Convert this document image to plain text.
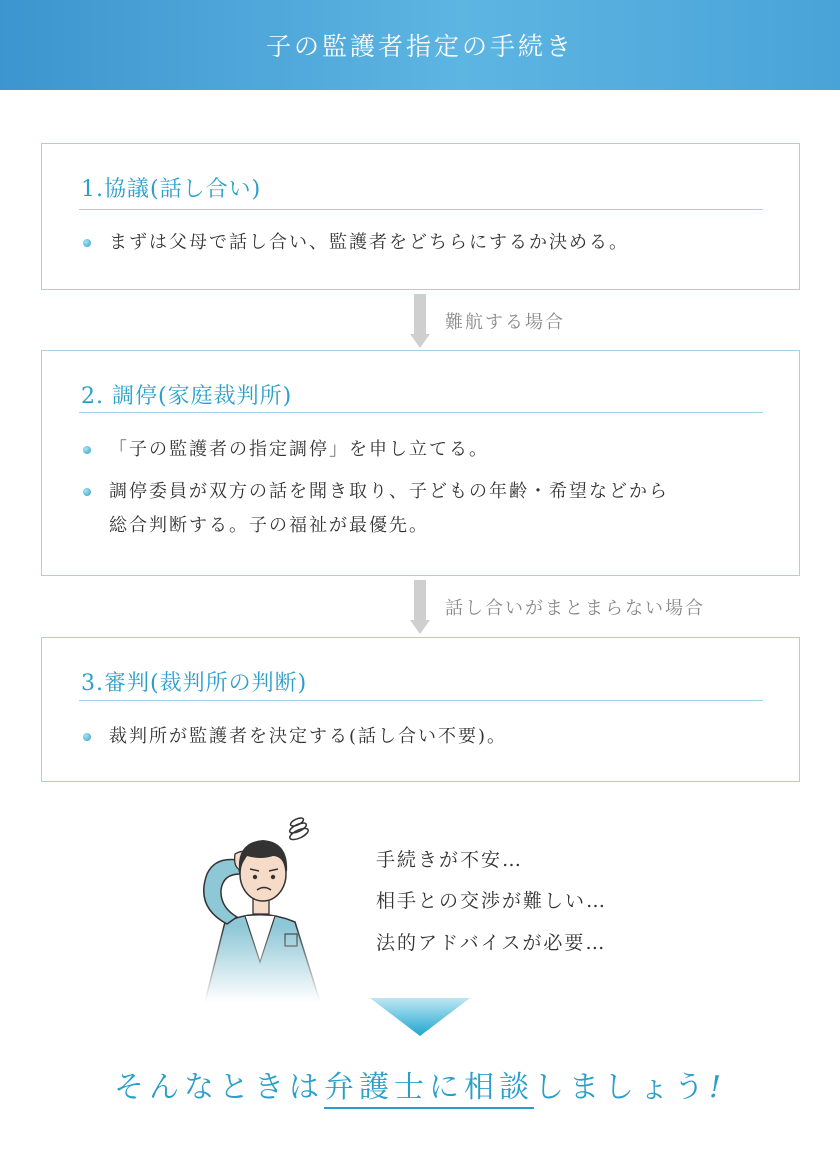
子の監護者指定の手続き
1.協議(話し合い)
まずは父母で話し合い、監護者をどちらにするか決める。
難航する場合
2. 調停(家庭裁判所)
「子の監護者の指定調停」を申し立てる。
調停委員が双方の話を聞き取り、子どもの年齢・希望などから
総合判断する。子の福祉が最優先。
話し合いがまとまらない場合
3.審判(裁判所の判断)
裁判所が監護者を決定する(話し合い不要)。
手続きが不安…
相手との交渉が難しい…
法的アドバイスが必要…
そんなときは弁護士に相談しましょう!
